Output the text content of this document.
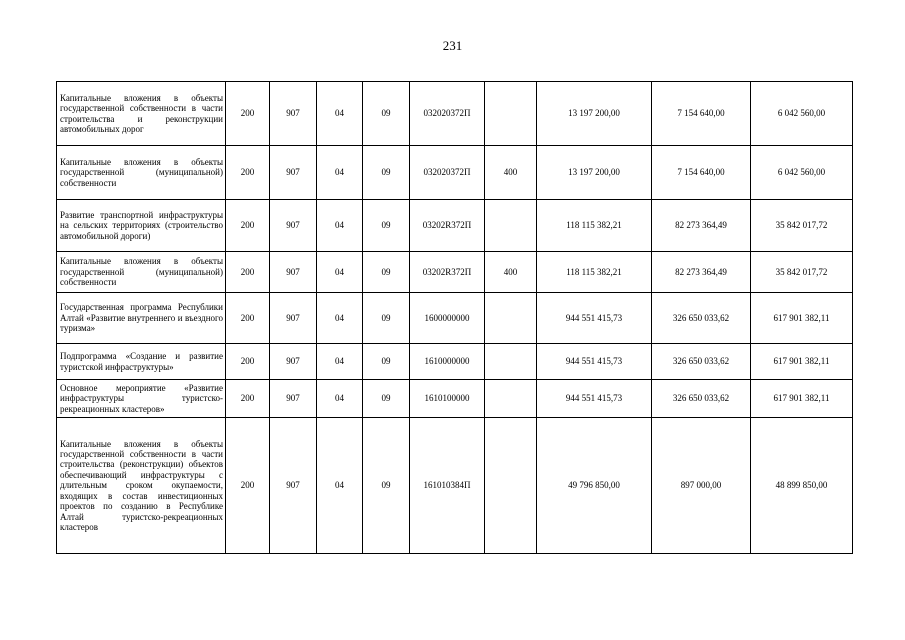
231
Капитальные вложения в объекты государственной собственности в части строительства и реконструкции автомобильных дорог	200	907	04	09	032020372П		13 197 200,00	7 154 640,00	6 042 560,00
Капитальные вложения в объекты государственной (муниципальной) собственности	200	907	04	09	032020372П	400	13 197 200,00	7 154 640,00	6 042 560,00
Развитие транспортной инфраструктуры на сельских территориях (строительство автомобильной дороги)	200	907	04	09	03202R372П		118 115 382,21	82 273 364,49	35 842 017,72
Капитальные вложения в объекты государственной (муниципальной) собственности	200	907	04	09	03202R372П	400	118 115 382,21	82 273 364,49	35 842 017,72
Государственная программа Республики Алтай «Развитие внутреннего и въездного туризма»	200	907	04	09	1600000000		944 551 415,73	326 650 033,62	617 901 382,11
Подпрограмма «Создание и развитие туристской инфраструктуры»	200	907	04	09	1610000000		944 551 415,73	326 650 033,62	617 901 382,11
Основное мероприятие «Развитие инфраструктуры туристско-рекреационных кластеров»	200	907	04	09	1610100000		944 551 415,73	326 650 033,62	617 901 382,11
Капитальные вложения в объекты государственной собственности в части строительства (реконструкции) объектов обеспечивающий инфраструктуры с длительным сроком окупаемости, входящих в состав инвестиционных проектов по созданию в Республике Алтай туристско-рекреационных кластеров	200	907	04	09	161010384П		49 796 850,00	897 000,00	48 899 850,00
